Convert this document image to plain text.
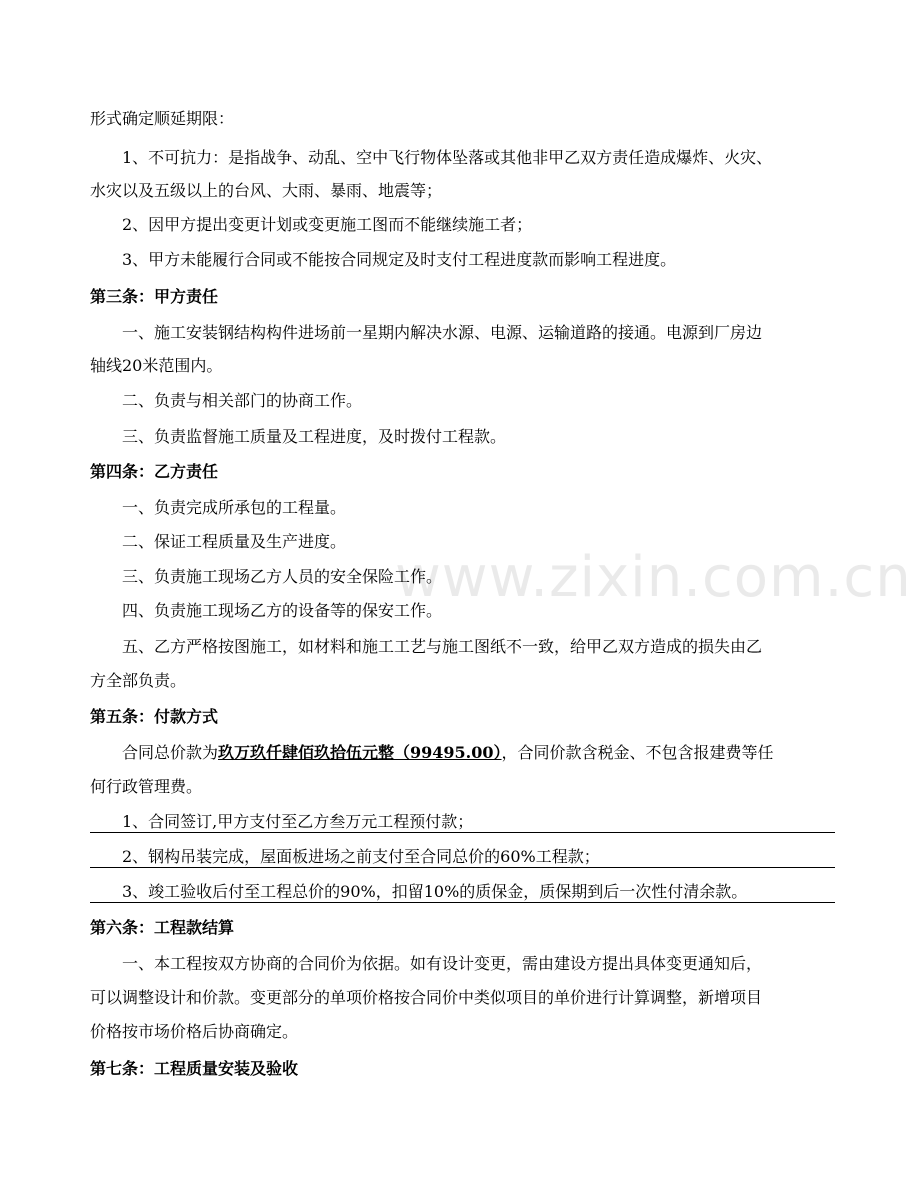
www.zixin.com.cn
形式确定顺延期限：
1、不可抗力：是指战争、动乱、空中飞行物体坠落或其他非甲乙双方责任造成爆炸、火灾、
水灾以及五级以上的台风、大雨、暴雨、地震等；
2、因甲方提出变更计划或变更施工图而不能继续施工者；
3、甲方未能履行合同或不能按合同规定及时支付工程进度款而影响工程进度。
第三条：甲方责任
一、施工安装钢结构构件进场前一星期内解决水源、电源、运输道路的接通。电源到厂房边
轴线20米范围内。
二、负责与相关部门的协商工作。
三、负责监督施工质量及工程进度，及时拨付工程款。
第四条：乙方责任
一、负责完成所承包的工程量。
二、保证工程质量及生产进度。
三、负责施工现场乙方人员的安全保险工作。
四、负责施工现场乙方的设备等的保安工作。
五、乙方严格按图施工，如材料和施工工艺与施工图纸不一致，给甲乙双方造成的损失由乙
方全部负责。
第五条：付款方式
合同总价款为玖万玖仟肆佰玖拾伍元整（99495.00），合同价款含税金、不包含报建费等任
何行政管理费。
1、合同签订,甲方支付至乙方叁万元工程预付款；
2、钢构吊装完成，屋面板进场之前支付至合同总价的60%工程款；
3、竣工验收后付至工程总价的90%，扣留10%的质保金，质保期到后一次性付清余款。
第六条：工程款结算
一、本工程按双方协商的合同价为依据。如有设计变更，需由建设方提出具体变更通知后，
可以调整设计和价款。变更部分的单项价格按合同价中类似项目的单价进行计算调整，新增项目
价格按市场价格后协商确定。
第七条：工程质量安装及验收
